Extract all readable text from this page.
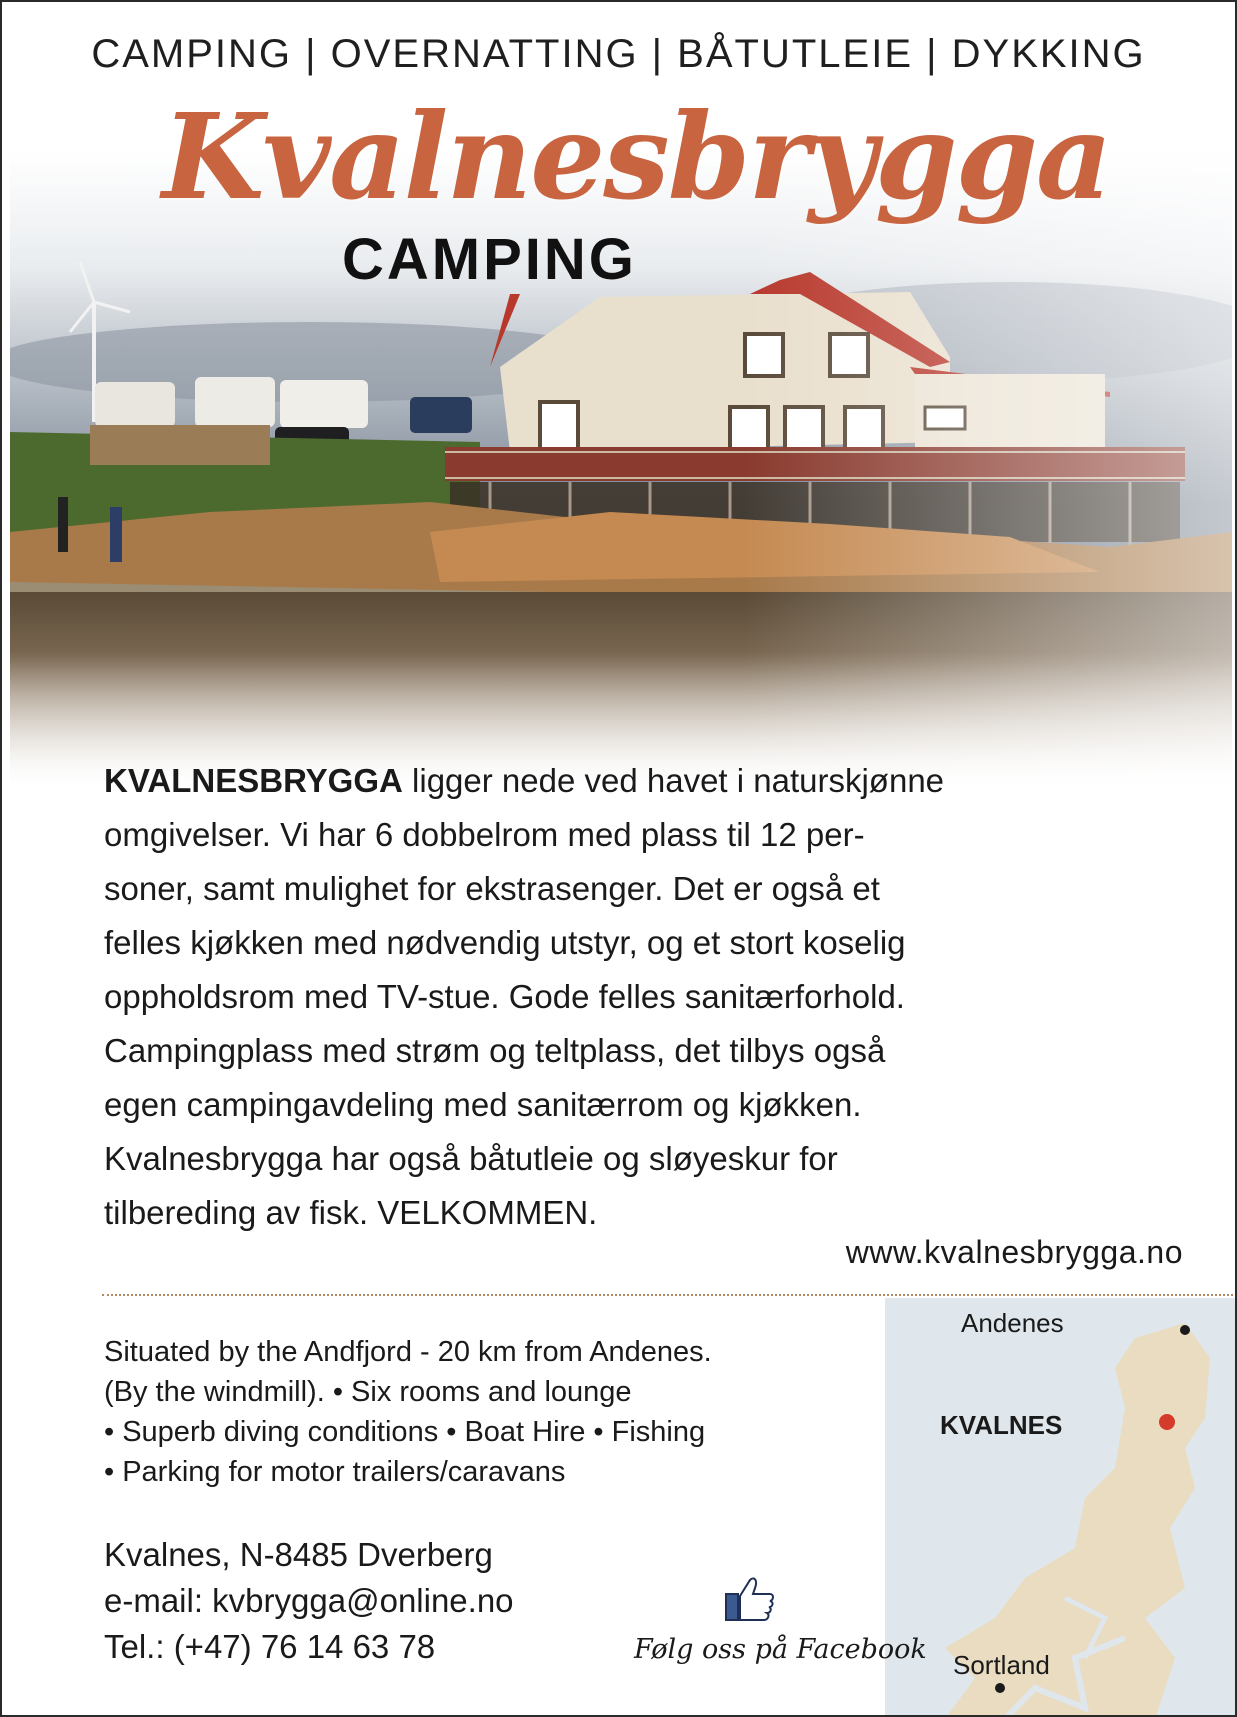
CAMPING | OVERNATTING | BÅTUTLEIE | DYKKING
Kvalnesbrygga
CAMPING
KVALNESBRYGGA ligger nede ved havet i naturskjønne
omgivelser. Vi har 6 dobbelrom med plass til 12 per-
soner, samt mulighet for ekstrasenger. Det er også et
felles kjøkken med nødvendig utstyr, og et stort koselig
oppholdsrom med TV-stue. Gode felles sanitærforhold.
Campingplass med strøm og teltplass, det tilbys også
egen campingavdeling med sanitærrom og kjøkken.
Kvalnesbrygga har også båtutleie og sløyeskur for
tilbereding av fisk. VELKOMMEN.
www.kvalnesbrygga.no
Andenes
KVALNES
Sortland
Situated by the Andfjord - 20 km from Andenes.
(By the windmill). • Six rooms and lounge
• Superb diving conditions • Boat Hire • Fishing
• Parking for motor trailers/caravans
Kvalnes, N-8485 Dverberg
e-mail: kvbrygga@online.no
Tel.: (+47) 76 14 63 78	Følg oss på Facebook
